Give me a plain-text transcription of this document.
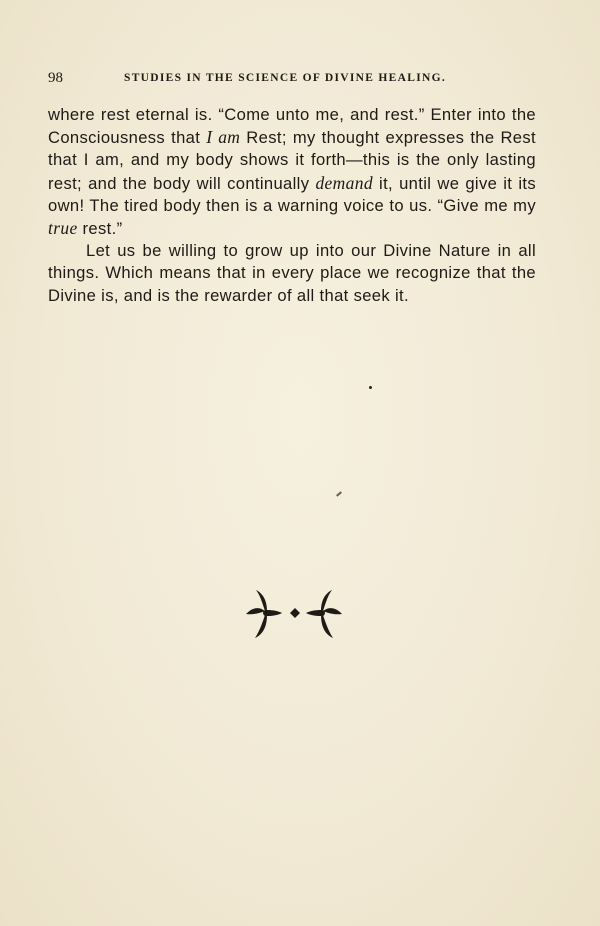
98	STUDIES IN THE SCIENCE OF DIVINE HEALING.

where rest eternal is. “Come unto me, and rest.” Enter into the Consciousness that I am Rest; my thought expresses the Rest that I am, and my body shows it forth—this is the only lasting rest; and the body will continually demand it, until we give it its own! The tired body then is a warning voice to us. “Give me my true rest.”

Let us be willing to grow up into our Divine Nature in all things. Which means that in every place we recognize that the Divine is, and is the rewarder of all that seek it.
